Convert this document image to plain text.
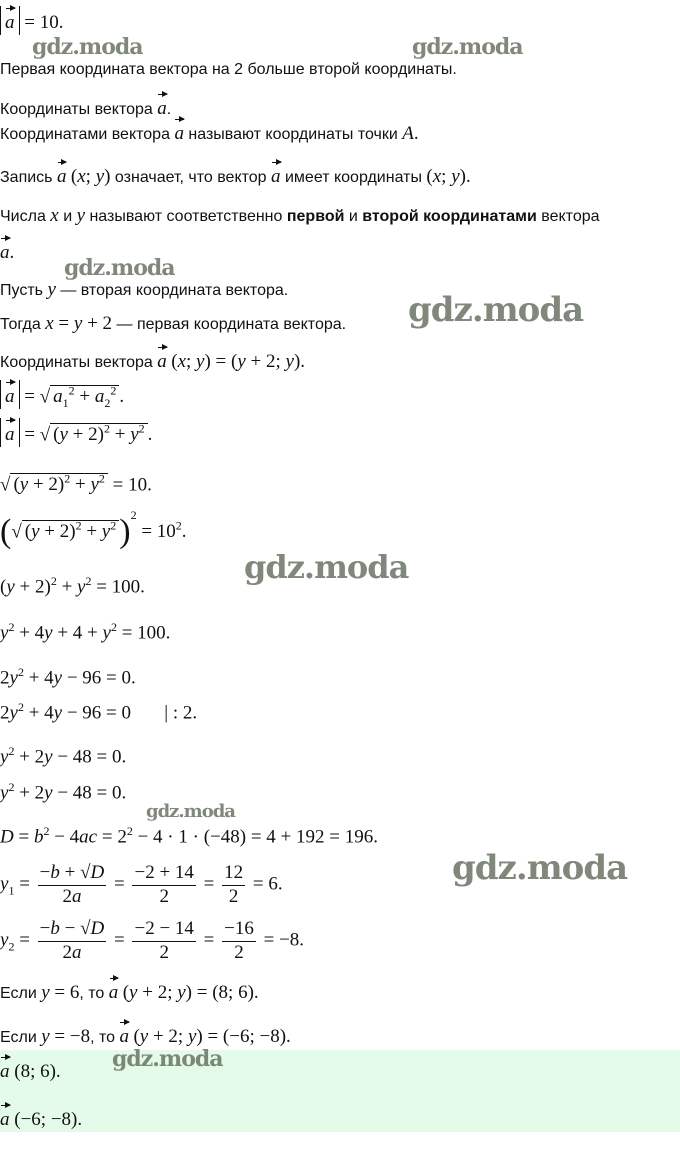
a = 10.
Первая координата вектора на 2 больше второй координаты.
Координаты вектора a.
Координатами вектора a называют координаты точки A.
Запись a (x; y) означает, что вектор a имеет координаты (x; y).
Числа x и y называют соответственно первой и второй координатами вектора
a.
Пусть y — вторая координата вектора.
Тогда x = y + 2 — первая координата вектора.
Координаты вектора a (x; y) = (y + 2; y).
a = √ $a_1^2 + a_2^2$ .
a = √ $(y + 2)^2 + y^2$ .
√ $(y + 2)^2 + y^2 = 10$.
(√ $(y + 2)^2 + y^2)^2 = 10^2$.
$(y + 2)^2 + y^2 = 100$.
$y^2 + 4y + 4 + y^2 = 100$.
$2y^2 + 4y - 96 = 0$.
$2y^2 + 4y - 96 = 0$       | : 2.
$y^2 + 2y - 48 = 0$.
$y^2 + 2y - 48 = 0$.
$D = b^2 - 4ac = 2^2 - 4 \cdot 1 \cdot (-48) = 4 + 192 = 196$.
$y_1 = \frac{-b + √D}{2a} = \frac{-2 + 14}{2} = \frac{12}{2} = 6$.
$y_2 = \frac{-b - √D}{2a} = \frac{-2 - 14}{2} = \frac{-16}{2} = -8$.
Если y = 6, то a (y + 2; y) = (8; 6).
Если y = −8, то a (y + 2; y) = (−6; −8).
a (8; 6).
a (−6; −8).
gdz.moda	gdz.moda
gdz.moda
gdz.moda
gdz.moda
gdz.moda
gdz.moda
gdz.moda
